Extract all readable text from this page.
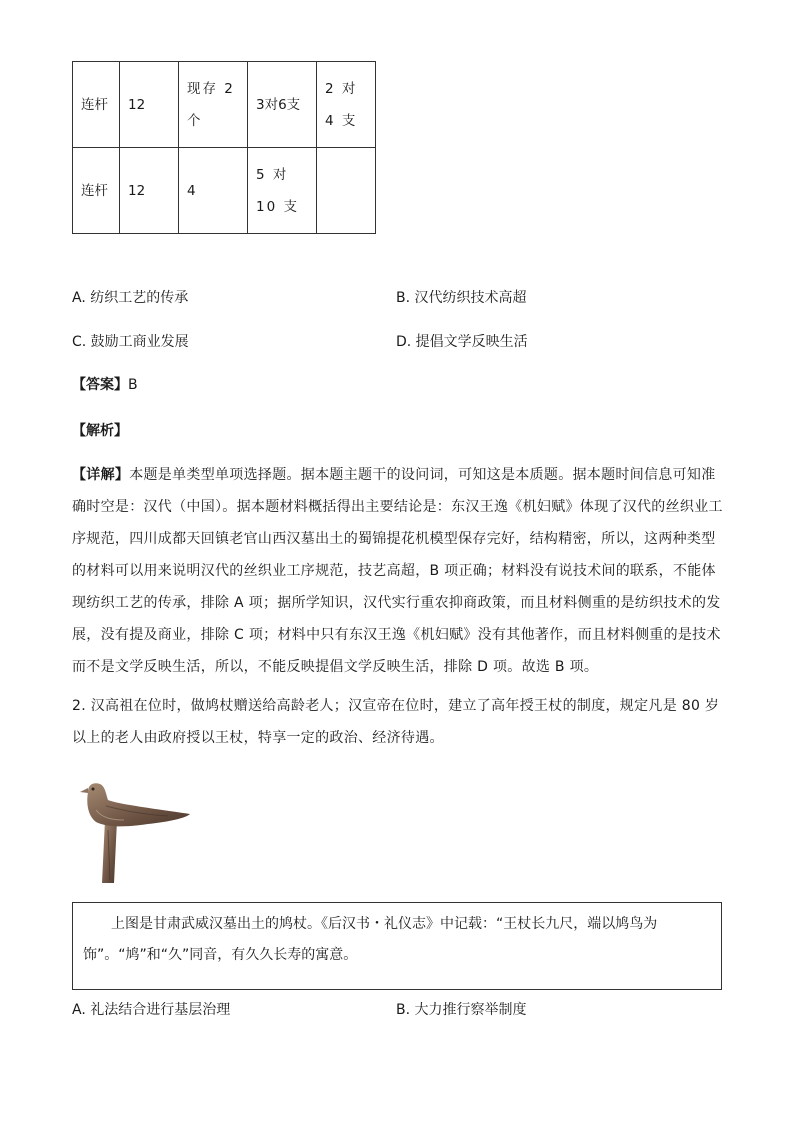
连杆	12	现存 2 个	3对6支	2 对 4 支
连杆	12	4	5 对 10 支	
A. 纺织工艺的传承	B. 汉代纺织技术高超
C. 鼓励工商业发展	D. 提倡文学反映生活
【答案】B
【解析】
【详解】本题是单类型单项选择题。据本题主题干的设问词，可知这是本质题。据本题时间信息可知准确时空是：汉代（中国）。据本题材料概括得出主要结论是：东汉王逸《机妇赋》体现了汉代的丝织业工序规范，四川成都天回镇老官山西汉墓出土的蜀锦提花机模型保存完好，结构精密，所以，这两种类型的材料可以用来说明汉代的丝织业工序规范，技艺高超，B 项正确；材料没有说技术间的联系，不能体现纺织工艺的传承，排除 A 项；据所学知识，汉代实行重农抑商政策，而且材料侧重的是纺织技术的发展，没有提及商业，排除 C 项；材料中只有东汉王逸《机妇赋》没有其他著作，而且材料侧重的是技术而不是文学反映生活，所以，不能反映提倡文学反映生活，排除 D 项。故选 B 项。
2. 汉高祖在位时，做鸠杖赠送给高龄老人；汉宣帝在位时，建立了高年授王杖的制度，规定凡是 80 岁以上的老人由政府授以王杖，特享一定的政治、经济待遇。

上图是甘肃武威汉墓出土的鸠杖。《后汉书・礼仪志》中记载：“王杖长九尺，端以鸠鸟为饰”。“鸠”和“久”同音，有久久长寿的寓意。

A. 礼法结合进行基层治理	B. 大力推行察举制度
